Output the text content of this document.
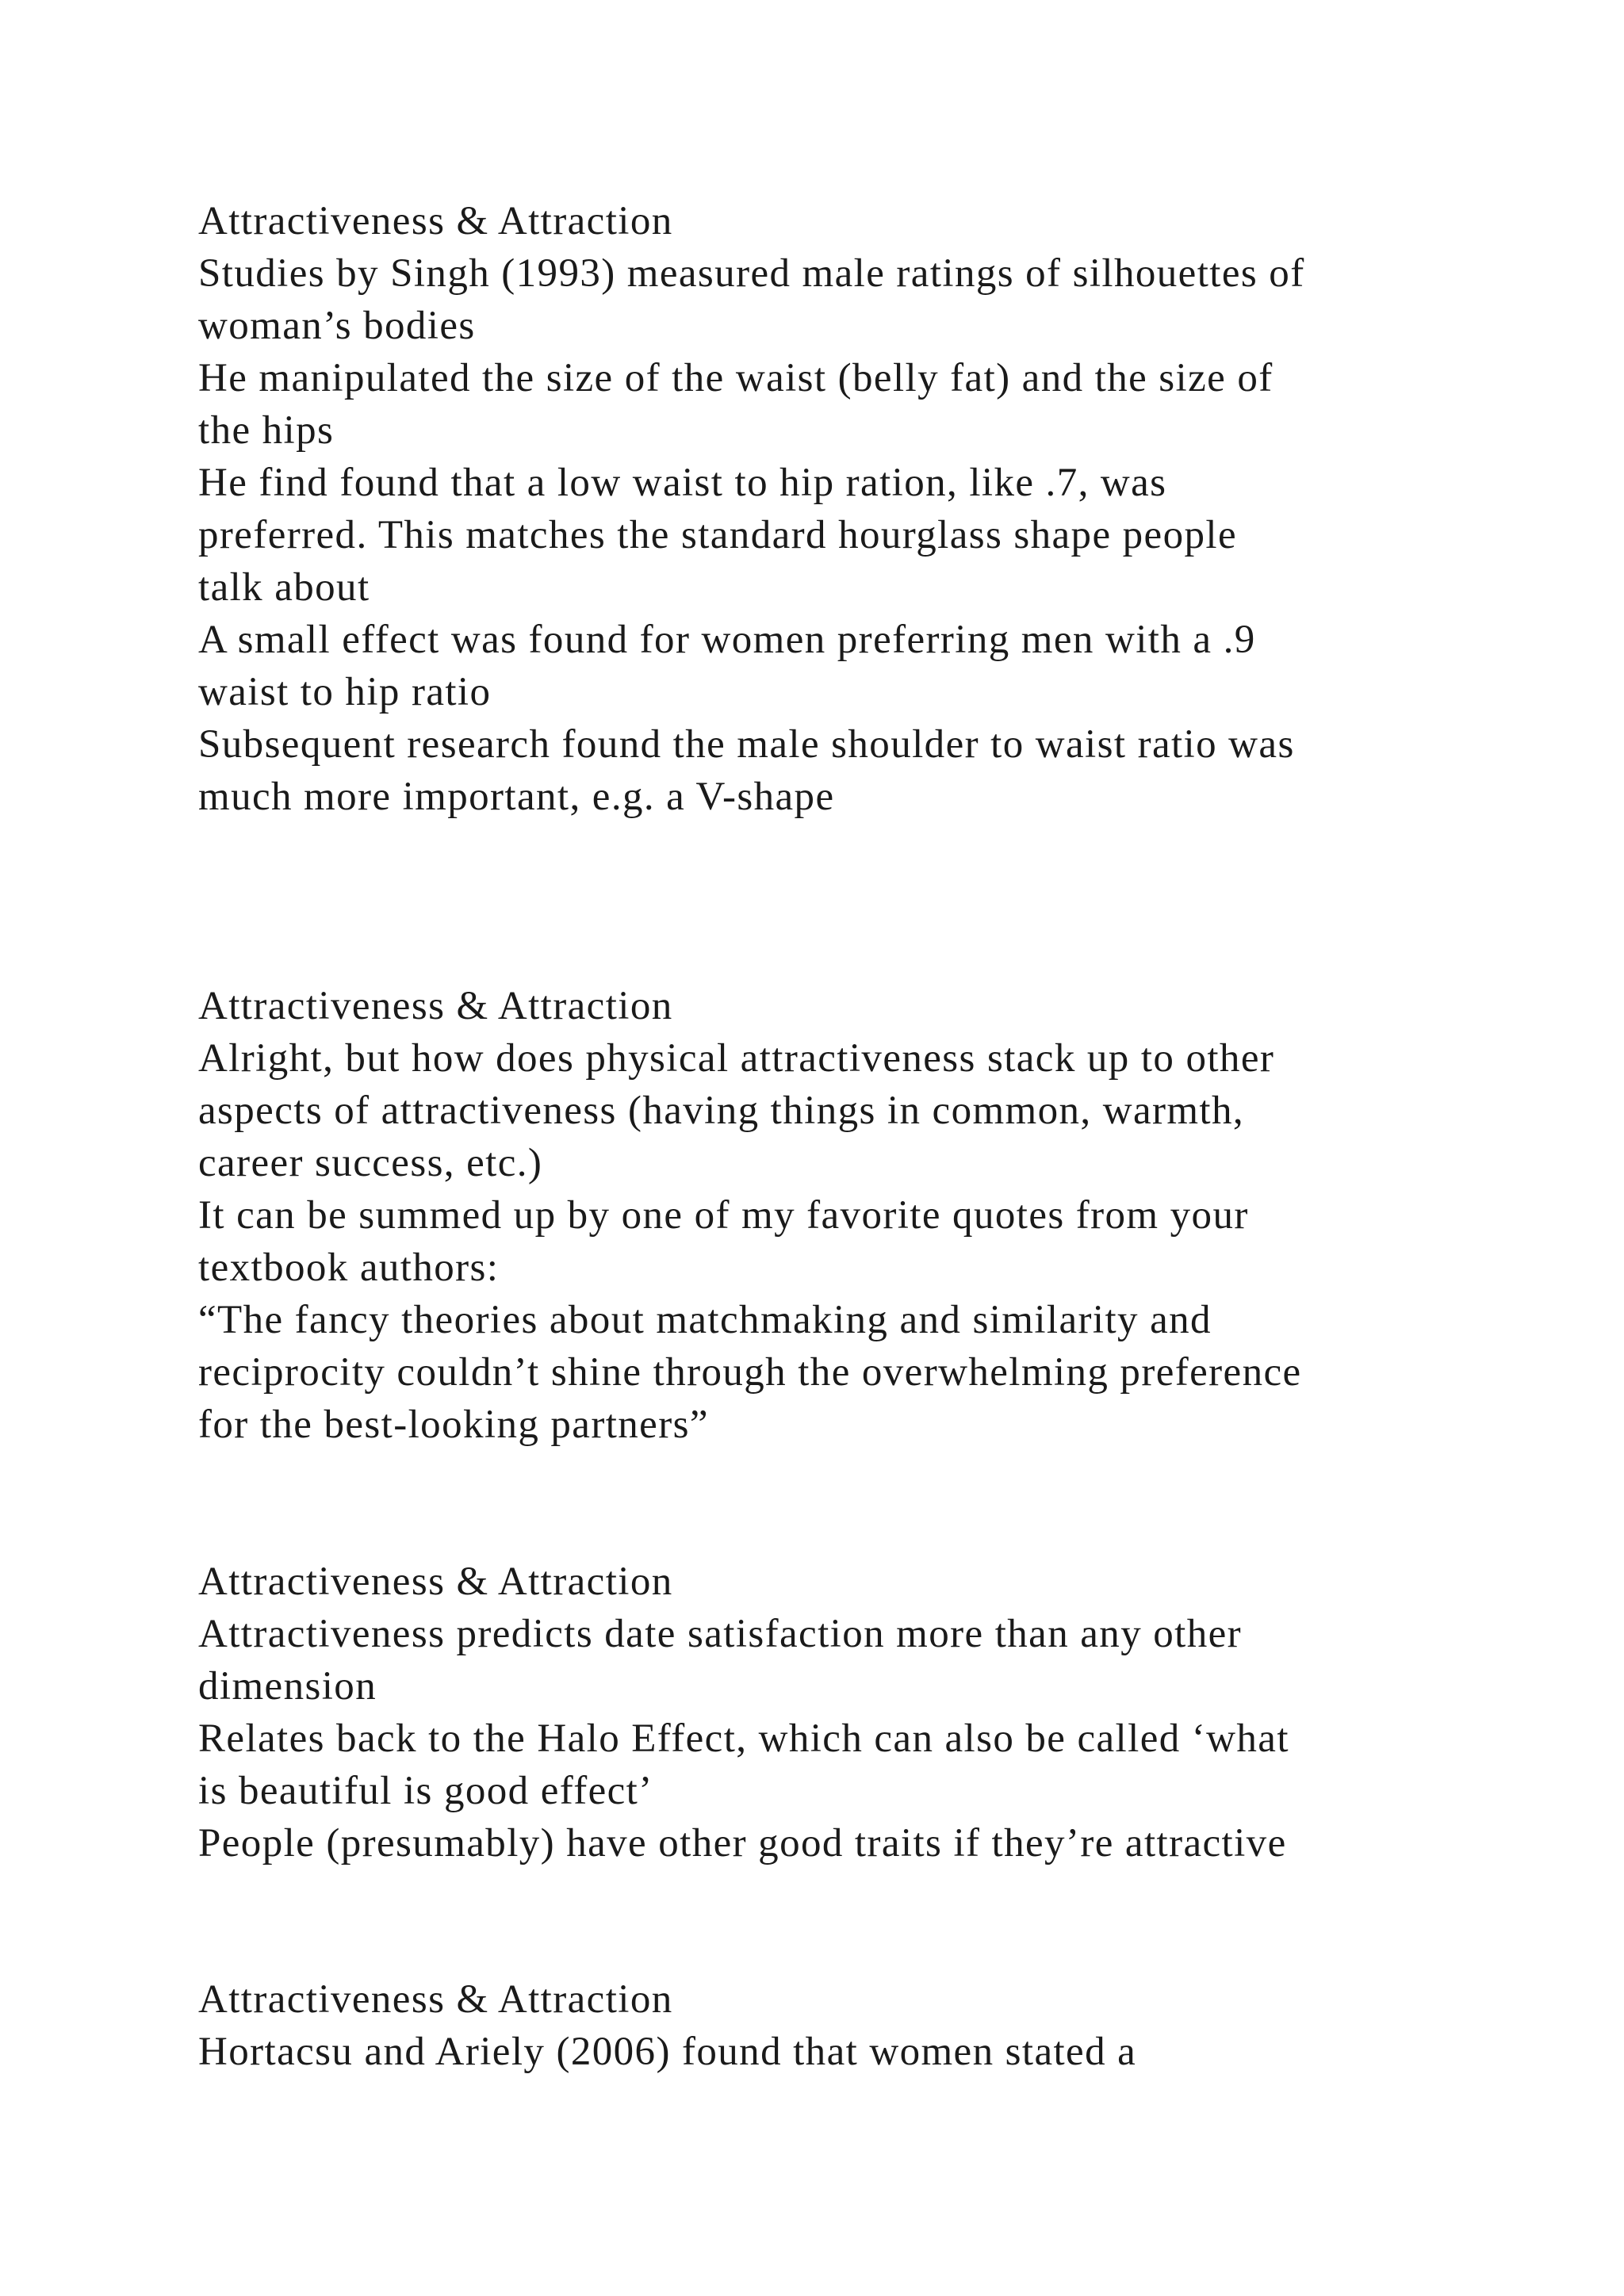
Attractiveness & Attraction
Studies by Singh (1993) measured male ratings of silhouettes of
woman’s bodies
He manipulated the size of the waist (belly fat) and the size of
the hips
He find found that a low waist to hip ration, like .7, was
preferred. This matches the standard hourglass shape people
talk about
A small effect was found for women preferring men with a .9
waist to hip ratio
Subsequent research found the male shoulder to waist ratio was
much more important, e.g. a V-shape
Attractiveness & Attraction
Alright, but how does physical attractiveness stack up to other
aspects of attractiveness (having things in common, warmth,
career success, etc.)
It can be summed up by one of my favorite quotes from your
textbook authors:
“The fancy theories about matchmaking and similarity and
reciprocity couldn’t shine through the overwhelming preference
for the best-looking partners”
Attractiveness & Attraction
Attractiveness predicts date satisfaction more than any other
dimension
Relates back to the Halo Effect, which can also be called ‘what
is beautiful is good effect’
People (presumably) have other good traits if they’re attractive
Attractiveness & Attraction
Hortacsu and Ariely (2006) found that women stated a
